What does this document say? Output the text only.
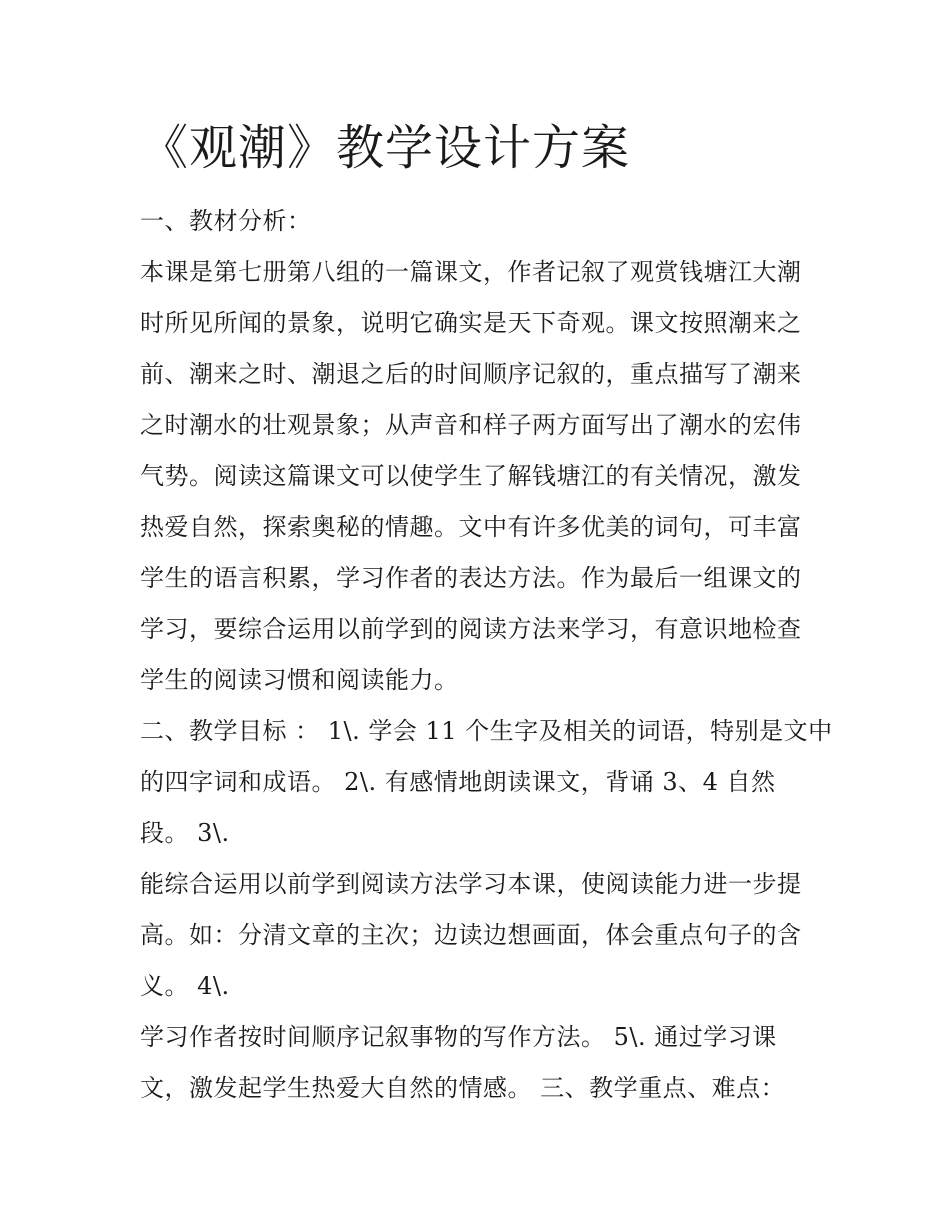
《观潮》教学设计方案
一、教材分析：
本课是第七册第八组的一篇课文，作者记叙了观赏钱塘江大潮
时所见所闻的景象，说明它确实是天下奇观。课文按照潮来之
前、潮来之时、潮退之后的时间顺序记叙的，重点描写了潮来
之时潮水的壮观景象；从声音和样子两方面写出了潮水的宏伟
气势。阅读这篇课文可以使学生了解钱塘江的有关情况，激发
热爱自然，探索奥秘的情趣。文中有许多优美的词句，可丰富
学生的语言积累，学习作者的表达方法。作为最后一组课文的
学习，要综合运用以前学到的阅读方法来学习，有意识地检查
学生的阅读习惯和阅读能力。
二、教学目标 ： 1\. 学会 11 个生字及相关的词语，特别是文中
的四字词和成语。 2\. 有感情地朗读课文，背诵 3、4 自然
段。 3\.
能综合运用以前学到阅读方法学习本课，使阅读能力进一步提
高。如：分清文章的主次；边读边想画面，体会重点句子的含
义。 4\.
学习作者按时间顺序记叙事物的写作方法。 5\. 通过学习课
文，激发起学生热爱大自然的情感。 三、教学重点、难点：
